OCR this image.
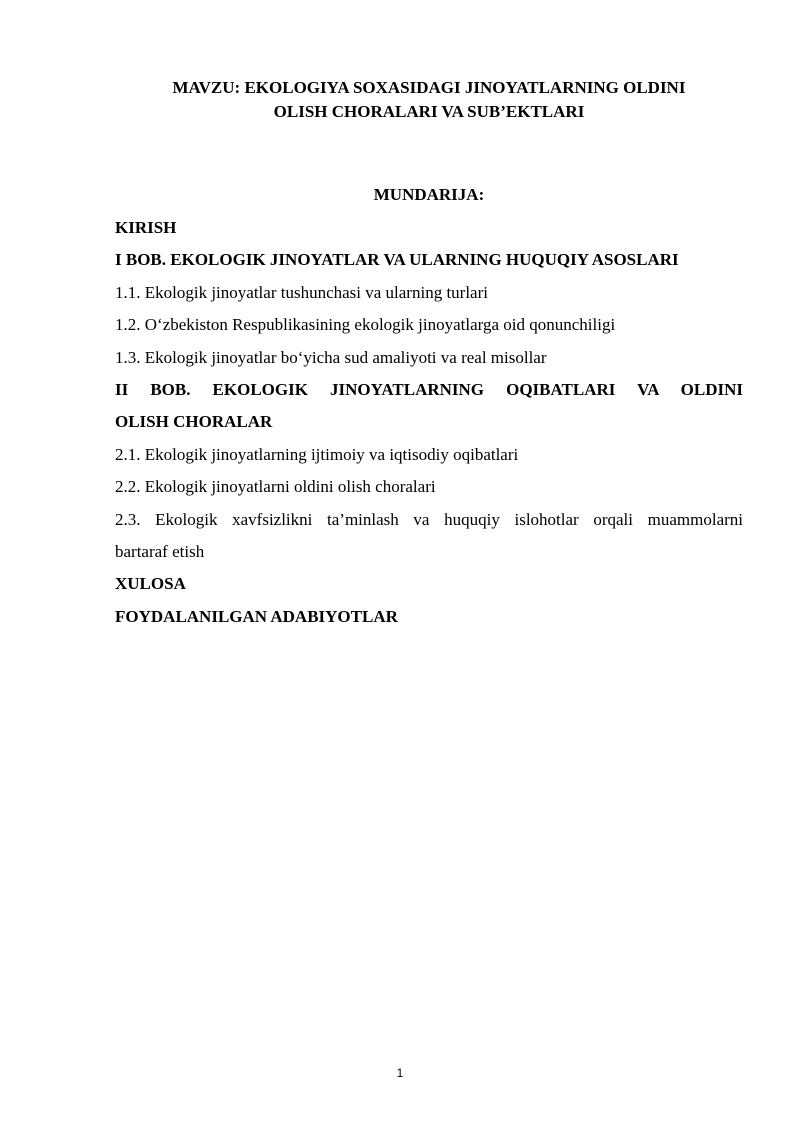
MAVZU: EKOLOGIYA SOXASIDAGI JINOYATLARNING OLDINI
OLISH CHORALARI VA SUB’EKTLARI
MUNDARIJA:
KIRISH
I BOB. EKOLOGIK JINOYATLAR VA ULARNING HUQUQIY ASOSLARI
1.1. Ekologik jinoyatlar tushunchasi va ularning turlari
1.2. O‘zbekiston Respublikasining ekologik jinoyatlarga oid qonunchiligi
1.3. Ekologik jinoyatlar bo‘yicha sud amaliyoti va real misollar
II BOB. EKOLOGIK JINOYATLARNING OQIBATLARI VA OLDINI
OLISH CHORALAR
2.1. Ekologik jinoyatlarning ijtimoiy va iqtisodiy oqibatlari
2.2. Ekologik jinoyatlarni oldini olish choralari
2.3. Ekologik xavfsizlikni ta’minlash va huquqiy islohotlar orqali muammolarni
bartaraf etish
XULOSA
FOYDALANILGAN ADABIYOTLAR
1
